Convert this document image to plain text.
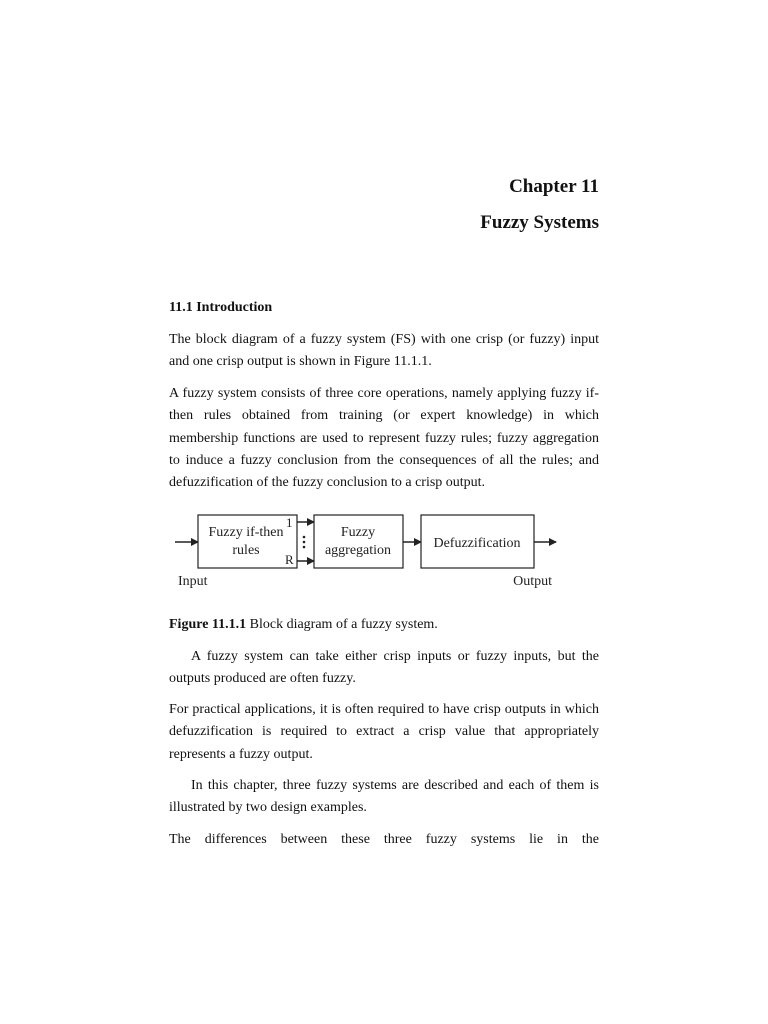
Chapter 11
Fuzzy Systems
11.1 Introduction

The block diagram of a fuzzy system (FS) with one crisp (or fuzzy) input and one crisp output is shown in Figure 11.1.1.

A fuzzy system consists of three core operations, namely applying fuzzy if-then rules obtained from training (or expert knowledge) in which membership functions are used to represent fuzzy rules; fuzzy aggregation to induce a fuzzy conclusion from the consequences of all the rules; and defuzzification of the fuzzy conclusion to a crisp output.

Fuzzy if-then
rules
1
R
Fuzzy
aggregation	Defuzzification
Input	Output

Figure 11.1.1 Block diagram of a fuzzy system.

A fuzzy system can take either crisp inputs or fuzzy inputs, but the outputs produced are often fuzzy.

For practical applications, it is often required to have crisp outputs in which defuzzification is required to extract a crisp value that appropriately represents a fuzzy output.

In this chapter, three fuzzy systems are described and each of them is illustrated by two design examples.

The differences between these three fuzzy systems lie in the
